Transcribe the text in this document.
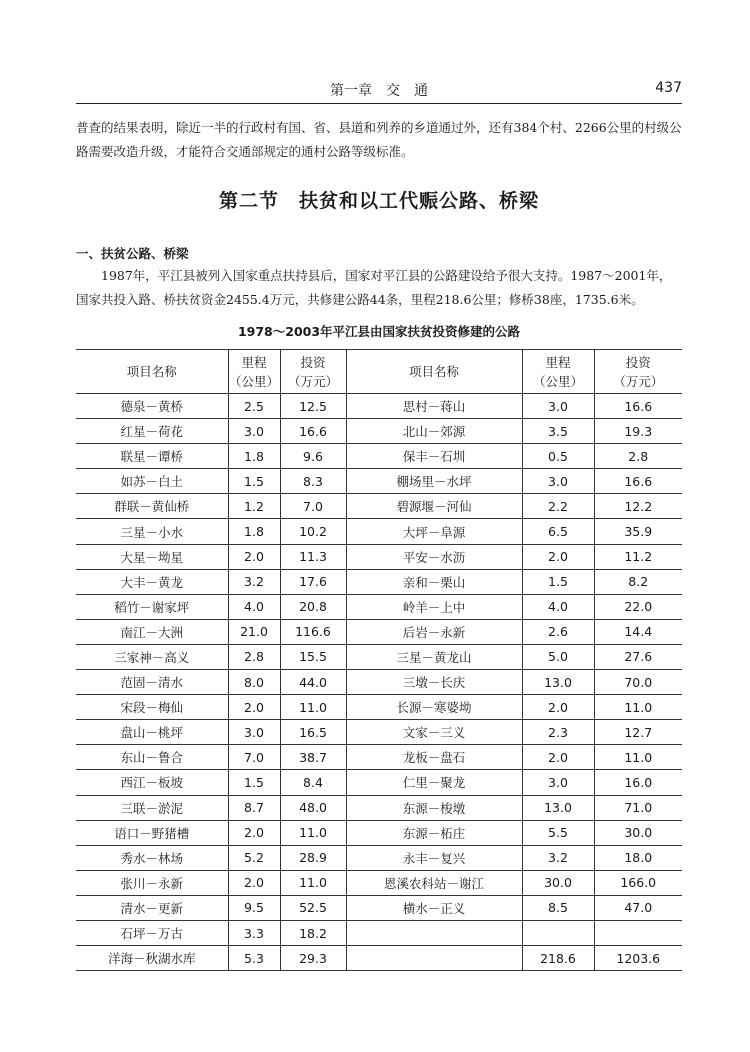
第一章　交　通	437

普查的结果表明，除近一半的行政村有国、省、县道和列养的乡道通过外，还有384个村、2266公里的村级公路需要改造升级，才能符合交通部规定的通村公路等级标准。

第二节　扶贫和以工代赈公路、桥梁
一、扶贫公路、桥梁

1987年，平江县被列入国家重点扶持县后，国家对平江县的公路建设给予很大支持。1987～2001年，国家共投入路、桥扶贫资金2455.4万元，共修建公路44条，里程218.6公里；修桥38座，1735.6米。

1978～2003年平江县由国家扶贫投资修建的公路

项目名称	里程
（公里）	投资
（万元）	项目名称	里程
（公里）	投资
（万元）
德泉－黄桥	2.5	12.5	思村－蒋山	3.0	16.6
红星－荷花	3.0	16.6	北山－郊源	3.5	19.3
联星－谭桥	1.8	9.6	保丰－石圳	0.5	2.8
如苏－白土	1.5	8.3	棚场里－水坪	3.0	16.6
群联－黄仙桥	1.2	7.0	碧源堰－河仙	2.2	12.2
三星－小水	1.8	10.2	大坪－阜源	6.5	35.9
大星－坳星	2.0	11.3	平安－水沥	2.0	11.2
大丰－黄龙	3.2	17.6	亲和－栗山	1.5	8.2
稻竹－谢家坪	4.0	20.8	岭羊－上中	4.0	22.0
南江－大洲	21.0	116.6	后岩－永新	2.6	14.4
三家神－高义	2.8	15.5	三星－黄龙山	5.0	27.6
范固－清水	8.0	44.0	三墩－长庆	13.0	70.0
宋段－梅仙	2.0	11.0	长源－寒婆坳	2.0	11.0
盘山－桃坪	3.0	16.5	文家－三义	2.3	12.7
东山－鲁合	7.0	38.7	龙板－盘石	2.0	11.0
西江－板坡	1.5	8.4	仁里－聚龙	3.0	16.0
三联－淤泥	8.7	48.0	东源－梭墩	13.0	71.0
语口－野猪槽	2.0	11.0	东源－柘庄	5.5	30.0
秀水－林场	5.2	28.9	永丰－复兴	3.2	18.0
张川－永新	2.0	11.0	恩溪农科站－谢江	30.0	166.0
清水－更新	9.5	52.5	横水－正义	8.5	47.0
石坪－万古	3.3	18.2			
洋海－秋湖水库	5.3	29.3		218.6	1203.6
